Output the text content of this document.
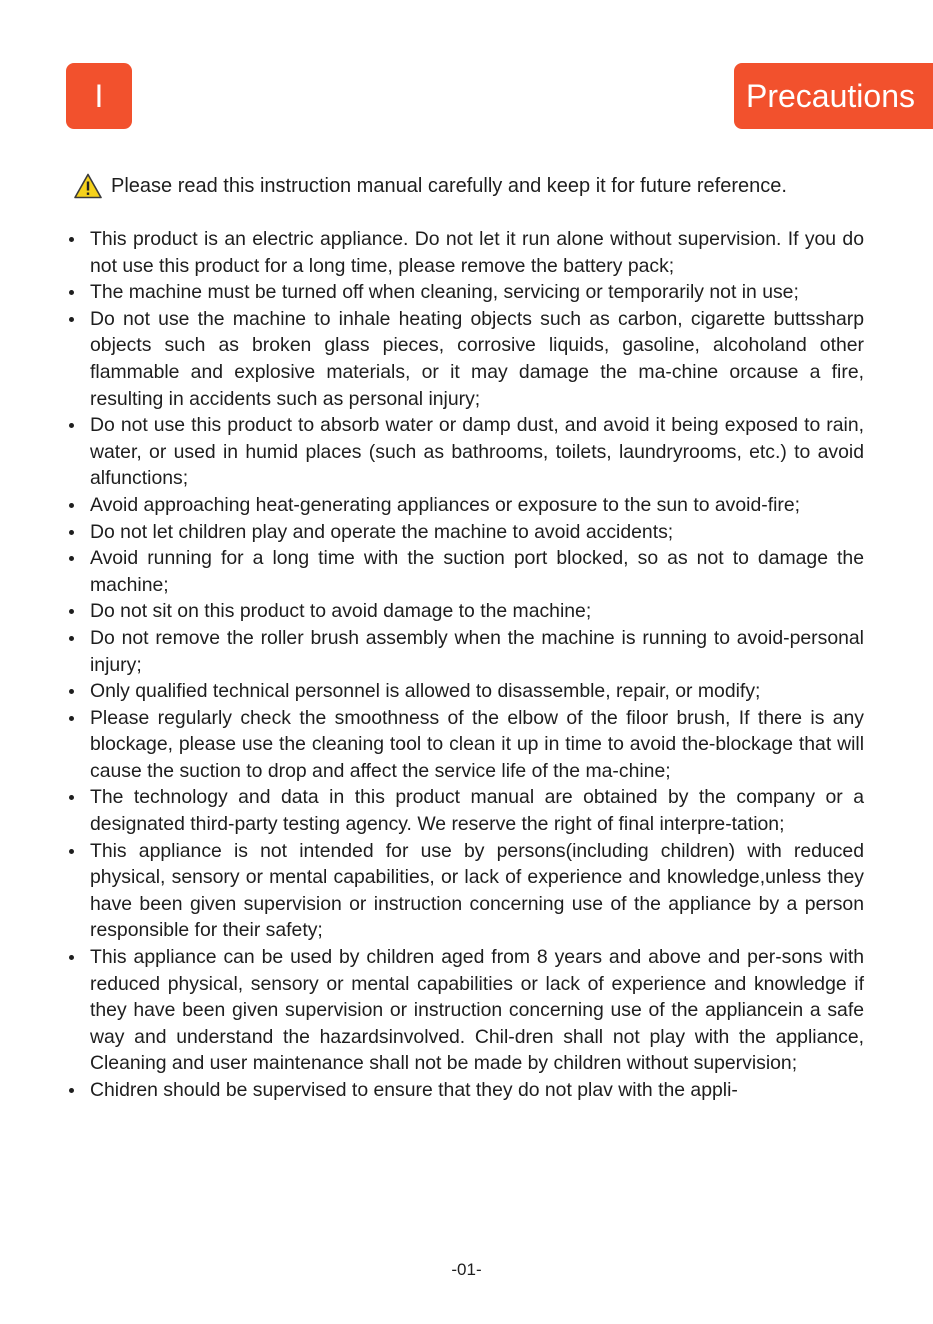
I	Precautions
Please read this instruction manual carefully and keep it for future reference.
This product is an electric appliance. Do not let it run alone without supervision. If you do not use this product for a long time, please remove the battery pack;
The machine must be turned off when cleaning, servicing or temporarily not in use;
Do not use the machine to inhale heating objects such as carbon, cigarette buttssharp objects such as broken glass pieces, corrosive liquids, gasoline, alcoholand other flammable and explosive materials, or it may damage the ma-chine orcause a fire, resulting in accidents such as personal injury;
Do not use this product to absorb water or damp dust, and avoid it being exposed to rain, water, or used in humid places (such as bathrooms, toilets, laundryrooms, etc.) to avoid alfunctions;
Avoid approaching heat-generating appliances or exposure to the sun to avoid-fire;
Do not let children play and operate the machine to avoid accidents;
Avoid running for a long time with the suction port blocked, so as not to damage the machine;
Do not sit on this product to avoid damage to the machine;
Do not remove the roller brush assembly when the machine is running to avoid-personal injury;
Only qualified technical personnel is allowed to disassemble, repair, or modify;
Please regularly check the smoothness of the elbow of the filoor brush, If there is any blockage, please use the cleaning tool to clean it up in time to avoid the-blockage that will cause the suction to drop and affect the service life of the ma-chine;
The technology and data in this product manual are obtained by the company or a designated third-party testing agency. We reserve the right of final interpre-tation;
This appliance is not intended for use by persons(including children) with reduced physical, sensory or mental capabilities, or lack of experience and knowledge,unless they have been given supervision or instruction concerning use of the appliance by a person responsible for their safety;
This appliance can be used by children aged from 8 years and above and per-sons with reduced physical, sensory or mental capabilities or lack of experience and knowledge if they have been given supervision or instruction concerning use of the appliancein a safe way and understand the hazardsinvolved. Chil-dren shall not play with the appliance, Cleaning and user maintenance shall not be made by children without supervision;
Chidren should be supervised to ensure that they do not plav with the appli-
-01-
